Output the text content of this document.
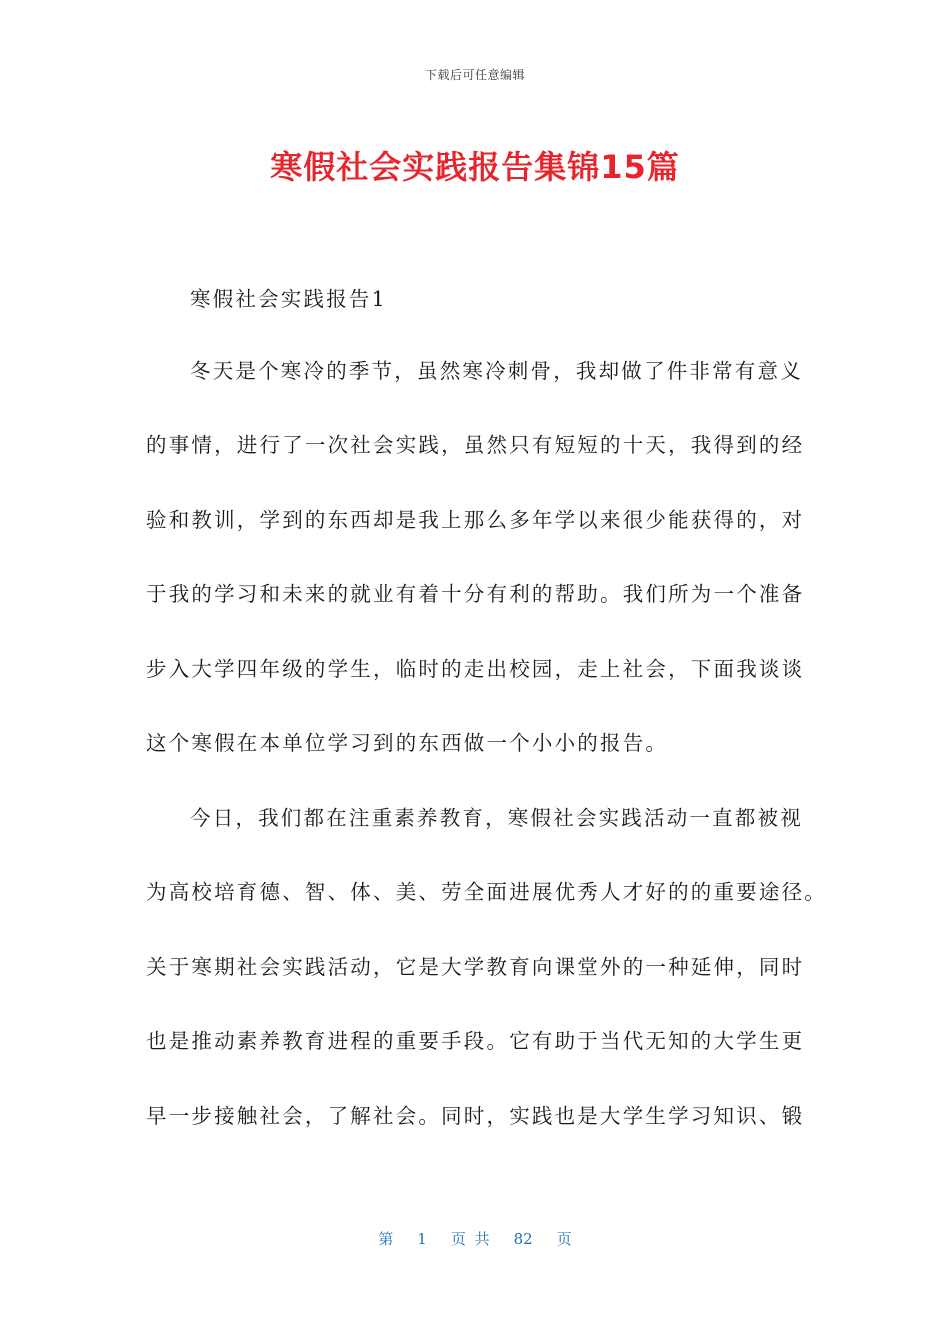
下载后可任意编辑
寒假社会实践报告集锦15篇
寒假社会实践报告1
冬天是个寒冷的季节，虽然寒冷刺骨，我却做了件非常有意义
的事情，进行了一次社会实践，虽然只有短短的十天，我得到的经
验和教训，学到的东西却是我上那么多年学以来很少能获得的，对
于我的学习和未来的就业有着十分有利的帮助。我们所为一个准备
步入大学四年级的学生，临时的走出校园，走上社会，下面我谈谈
这个寒假在本单位学习到的东西做一个小小的报告。
今日，我们都在注重素养教育，寒假社会实践活动一直都被视
为高校培育德、智、体、美、劳全面进展优秀人才好的的重要途径。
关于寒期社会实践活动，它是大学教育向课堂外的一种延伸，同时
也是推动素养教育进程的重要手段。它有助于当代无知的大学生更
早一步接触社会，了解社会。同时，实践也是大学生学习知识、锻
第 1 页 共 82 页
